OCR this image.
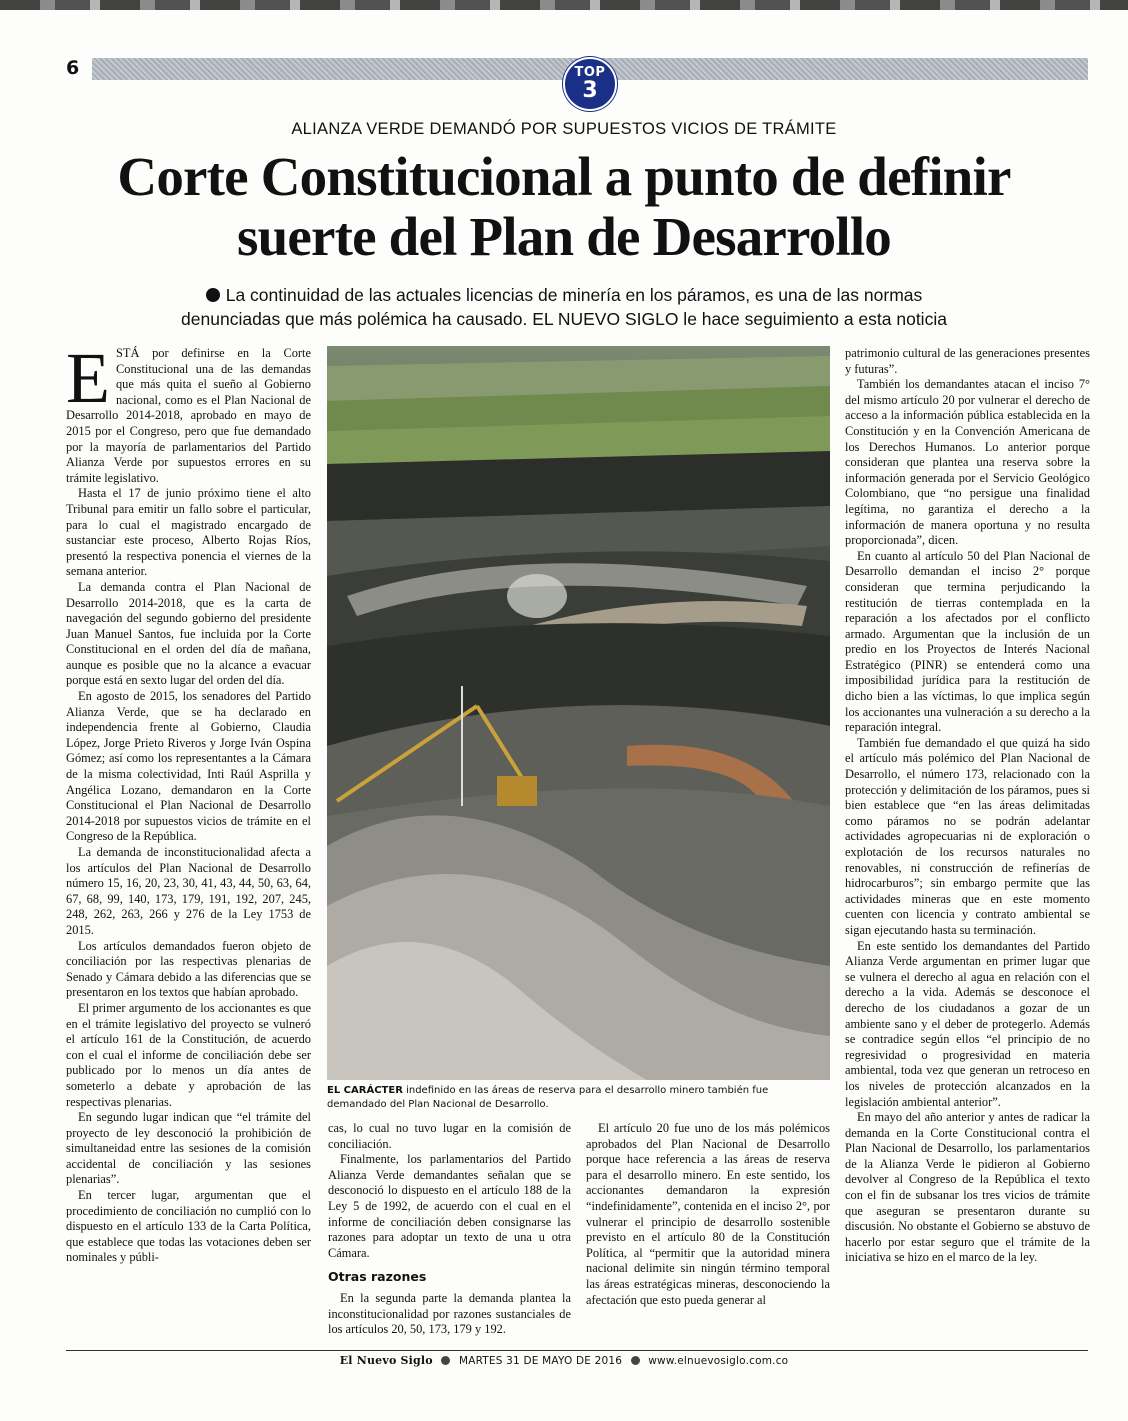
6	TOP
3
ALIANZA VERDE DEMANDÓ POR SUPUESTOS VICIOS DE TRÁMITE
Corte Constitucional a punto de definir
suerte del Plan de Desarrollo
La continuidad de las actuales licencias de minería en los páramos, es una de las normas
denunciadas que más polémica ha causado. EL NUEVO SIGLO le hace seguimiento a esta noticia

ESTÁ por definirse en la Corte Constitucional una de las demandas que más quita el sueño al Gobierno nacional, como es el Plan Nacional de Desarrollo 2014-2018, aprobado en mayo de 2015 por el Congreso, pero que fue demandado por la mayoría de parlamentarios del Partido Alianza Verde por supuestos errores en su trámite legislativo.

Hasta el 17 de junio próximo tiene el alto Tribunal para emitir un fallo sobre el particular, para lo cual el magistrado encargado de sustanciar este proceso, Alberto Rojas Ríos, presentó la respectiva ponencia el viernes de la semana anterior.

La demanda contra el Plan Nacional de Desarrollo 2014-2018, que es la carta de navegación del segundo gobierno del presidente Juan Manuel Santos, fue incluida por la Corte Constitucional en el orden del día de mañana, aunque es posible que no la alcance a evacuar porque está en sexto lugar del orden del día.

En agosto de 2015, los senadores del Partido Alianza Verde, que se ha declarado en independencia frente al Gobierno, Claudia López, Jorge Prieto Riveros y Jorge Iván Ospina Gómez; así como los representantes a la Cámara de la misma colectividad, Inti Raúl Asprilla y Angélica Lozano, demandaron en la Corte Constitucional el Plan Nacional de Desarrollo 2014-2018 por supuestos vicios de trámite en el Congreso de la República.

La demanda de inconstitucionalidad afecta a los artículos del Plan Nacional de Desarrollo número 15, 16, 20, 23, 30, 41, 43, 44, 50, 63, 64, 67, 68, 99, 140, 173, 179, 191, 192, 207, 245, 248, 262, 263, 266 y 276 de la Ley 1753 de 2015.

Los artículos demandados fueron objeto de conciliación por las respectivas plenarias de Senado y Cámara debido a las diferencias que se presentaron en los textos que habían aprobado.

El primer argumento de los accionantes es que en el trámite legislativo del proyecto se vulneró el artículo 161 de la Constitución, de acuerdo con el cual el informe de conciliación debe ser publicado por lo menos un día antes de someterlo a debate y aprobación de las respectivas plenarias.

En segundo lugar indican que “el trámite del proyecto de ley desconoció la prohibición de simultaneidad entre las sesiones de la comisión accidental de conciliación y las sesiones plenarias”.

En tercer lugar, argumentan que el procedimiento de conciliación no cumplió con lo dispuesto en el artículo 133 de la Carta Política, que establece que todas las votaciones deben ser nominales y públi-

EL CARÁCTER indefinido en las áreas de reserva para el desarrollo minero también fue demandado del Plan Nacional de Desarrollo.

cas, lo cual no tuvo lugar en la comisión de conciliación.

Finalmente, los parlamentarios del Partido Alianza Verde demandantes señalan que se desconoció lo dispuesto en el artículo 188 de la Ley 5 de 1992, de acuerdo con el cual en el informe de conciliación deben consignarse las razones para adoptar un texto de una u otra Cámara.

Otras razones

En la segunda parte la demanda plantea la inconstitucionalidad por razones sustanciales de los artículos 20, 50, 173, 179 y 192.

El artículo 20 fue uno de los más polémicos aprobados del Plan Nacional de Desarrollo porque hace referencia a las áreas de reserva para el desarrollo minero. En este sentido, los accionantes demandaron la expresión “indefinidamente”, contenida en el inciso 2°, por vulnerar el principio de desarrollo sostenible previsto en el artículo 80 de la Constitución Política, al “permitir que la autoridad minera nacional delimite sin ningún término temporal las áreas estratégicas mineras, desconociendo la afectación que esto pueda generar al

patrimonio cultural de las generaciones presentes y futuras”.

También los demandantes atacan el inciso 7° del mismo artículo 20 por vulnerar el derecho de acceso a la información pública establecida en la Constitución y en la Convención Americana de los Derechos Humanos. Lo anterior porque consideran que plantea una reserva sobre la información generada por el Servicio Geológico Colombiano, que “no persigue una finalidad legítima, no garantiza el derecho a la información de manera oportuna y no resulta proporcionada”, dicen.

En cuanto al artículo 50 del Plan Nacional de Desarrollo demandan el inciso 2° porque consideran que termina perjudicando la restitución de tierras contemplada en la reparación a los afectados por el conflicto armado. Argumentan que la inclusión de un predio en los Proyectos de Interés Nacional Estratégico (PINR) se entenderá como una imposibilidad jurídica para la restitución de dicho bien a las víctimas, lo que implica según los accionantes una vulneración a su derecho a la reparación integral.

También fue demandado el que quizá ha sido el artículo más polémico del Plan Nacional de Desarrollo, el número 173, relacionado con la protección y delimitación de los páramos, pues si bien establece que “en las áreas delimitadas como páramos no se podrán adelantar actividades agropecuarias ni de exploración o explotación de los recursos naturales no renovables, ni construcción de refinerías de hidrocarburos”; sin embargo permite que las actividades mineras que en este momento cuenten con licencia y contrato ambiental se sigan ejecutando hasta su terminación.

En este sentido los demandantes del Partido Alianza Verde argumentan en primer lugar que se vulnera el derecho al agua en relación con el derecho a la vida. Además se desconoce el derecho de los ciudadanos a gozar de un ambiente sano y el deber de protegerlo. Además se contradice según ellos “el principio de no regresividad o progresividad en materia ambiental, toda vez que generan un retroceso en los niveles de protección alcanzados en la legislación ambiental anterior”.

En mayo del año anterior y antes de radicar la demanda en la Corte Constitucional contra el Plan Nacional de Desarrollo, los parlamentarios de la Alianza Verde le pidieron al Gobierno devolver al Congreso de la República el texto con el fin de subsanar los tres vicios de trámite que aseguran se presentaron durante su discusión. No obstante el Gobierno se abstuvo de hacerlo por estar seguro que el trámite de la iniciativa se hizo en el marco de la ley.

El Nuevo Siglo MARTES 31 DE MAYO DE 2016 www.elnuevosiglo.com.co
